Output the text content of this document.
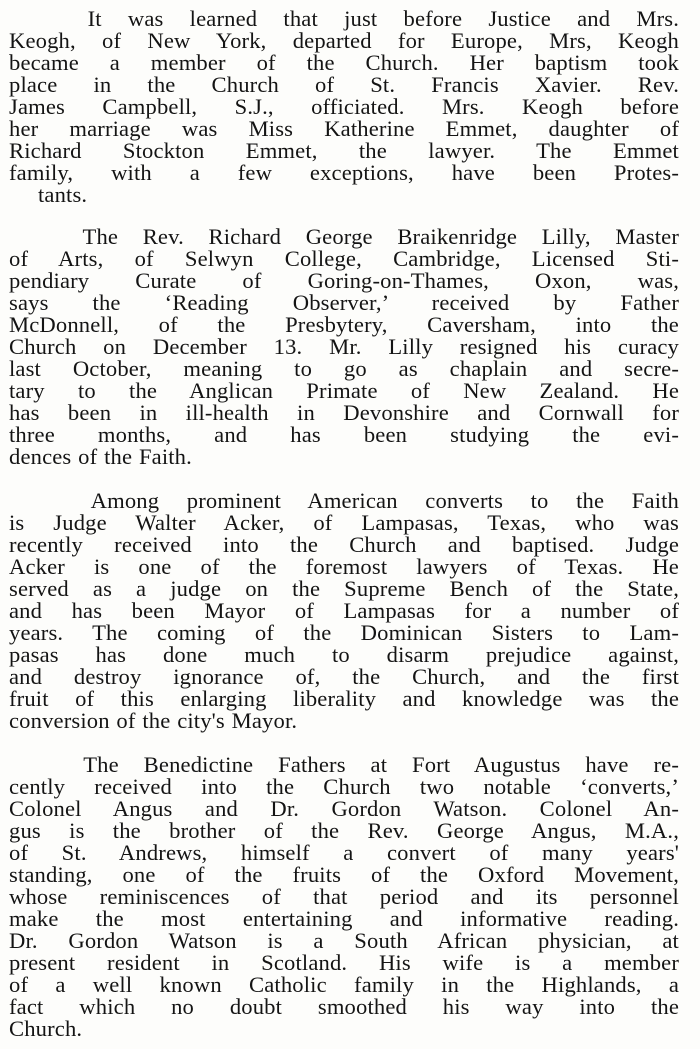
It was learned that just before Justice and Mrs.
Keogh, of New York, departed for Europe, Mrs, Keogh
became a member of the Church. Her baptism took
place in the Church of St. Francis Xavier. Rev.
James Campbell, S.J., officiated. Mrs. Keogh before
her marriage was Miss Katherine Emmet, daughter of
Richard Stockton Emmet, the lawyer. The Emmet
family, with a few exceptions, have been Protes-
tants.
The Rev. Richard George Braikenridge Lilly, Master
of Arts, of Selwyn College, Cambridge, Licensed Sti-
pendiary Curate of Goring-on-Thames, Oxon, was,
says the ‘Reading Observer,’ received by Father
McDonnell, of the Presbytery, Caversham, into the
Church on December 13. Mr. Lilly resigned his curacy
last October, meaning to go as chaplain and secre-
tary to the Anglican Primate of New Zealand. He
has been in ill-health in Devonshire and Cornwall for
three months, and has been studying the evi-
dences of the Faith.
Among prominent American converts to the Faith
is Judge Walter Acker, of Lampasas, Texas, who was
recently received into the Church and baptised. Judge
Acker is one of the foremost lawyers of Texas. He
served as a judge on the Supreme Bench of the State,
and has been Mayor of Lampasas for a number of
years. The coming of the Dominican Sisters to Lam-
pasas has done much to disarm prejudice against,
and destroy ignorance of, the Church, and the first
fruit of this enlarging liberality and knowledge was the
conversion of the city's Mayor.
The Benedictine Fathers at Fort Augustus have re-
cently received into the Church two notable ‘converts,’
Colonel Angus and Dr. Gordon Watson. Colonel An-
gus is the brother of the Rev. George Angus, M.A.,
of St. Andrews, himself a convert of many years'
standing, one of the fruits of the Oxford Movement,
whose reminiscences of that period and its personnel
make the most entertaining and informative reading.
Dr. Gordon Watson is a South African physician, at
present resident in Scotland. His wife is a member
of a well known Catholic family in the Highlands, a
fact which no doubt smoothed his way into the
Church.
